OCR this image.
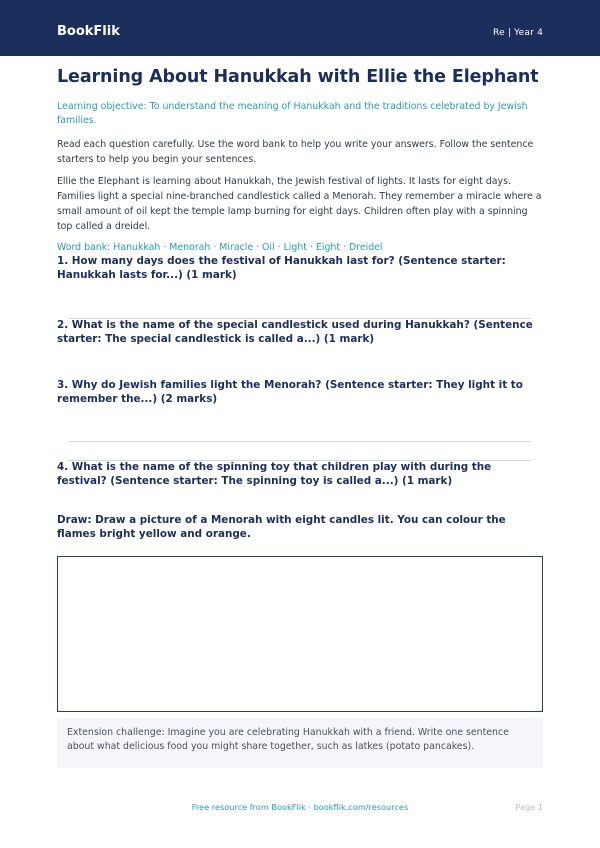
BookFlik	Re | Year 4
Learning About Hanukkah with Ellie the Elephant

Learning objective: To understand the meaning of Hanukkah and the traditions celebrated by Jewish families.

Read each question carefully. Use the word bank to help you write your answers. Follow the sentence starters to help you begin your sentences.

Ellie the Elephant is learning about Hanukkah, the Jewish festival of lights. It lasts for eight days. Families light a special nine-branched candlestick called a Menorah. They remember a miracle where a small amount of oil kept the temple lamp burning for eight days. Children often play with a spinning top called a dreidel.

Word bank: Hanukkah · Menorah · Miracle · Oil · Light · Eight · Dreidel

1. How many days does the festival of Hanukkah last for? (Sentence starter: Hanukkah lasts for...) (1 mark)
2. What is the name of the special candlestick used during Hanukkah? (Sentence starter: The special candlestick is called a...) (1 mark)
3. Why do Jewish families light the Menorah? (Sentence starter: They light it to remember the...) (2 marks)
4. What is the name of the spinning toy that children play with during the festival? (Sentence starter: The spinning toy is called a...) (1 mark)
Draw: Draw a picture of a Menorah with eight candles lit. You can colour the flames bright yellow and orange.
Extension challenge: Imagine you are celebrating Hanukkah with a friend. Write one sentence about what delicious food you might share together, such as latkes (potato pancakes).
Free resource from BookFlik · bookflik.com/resources	Page 1
